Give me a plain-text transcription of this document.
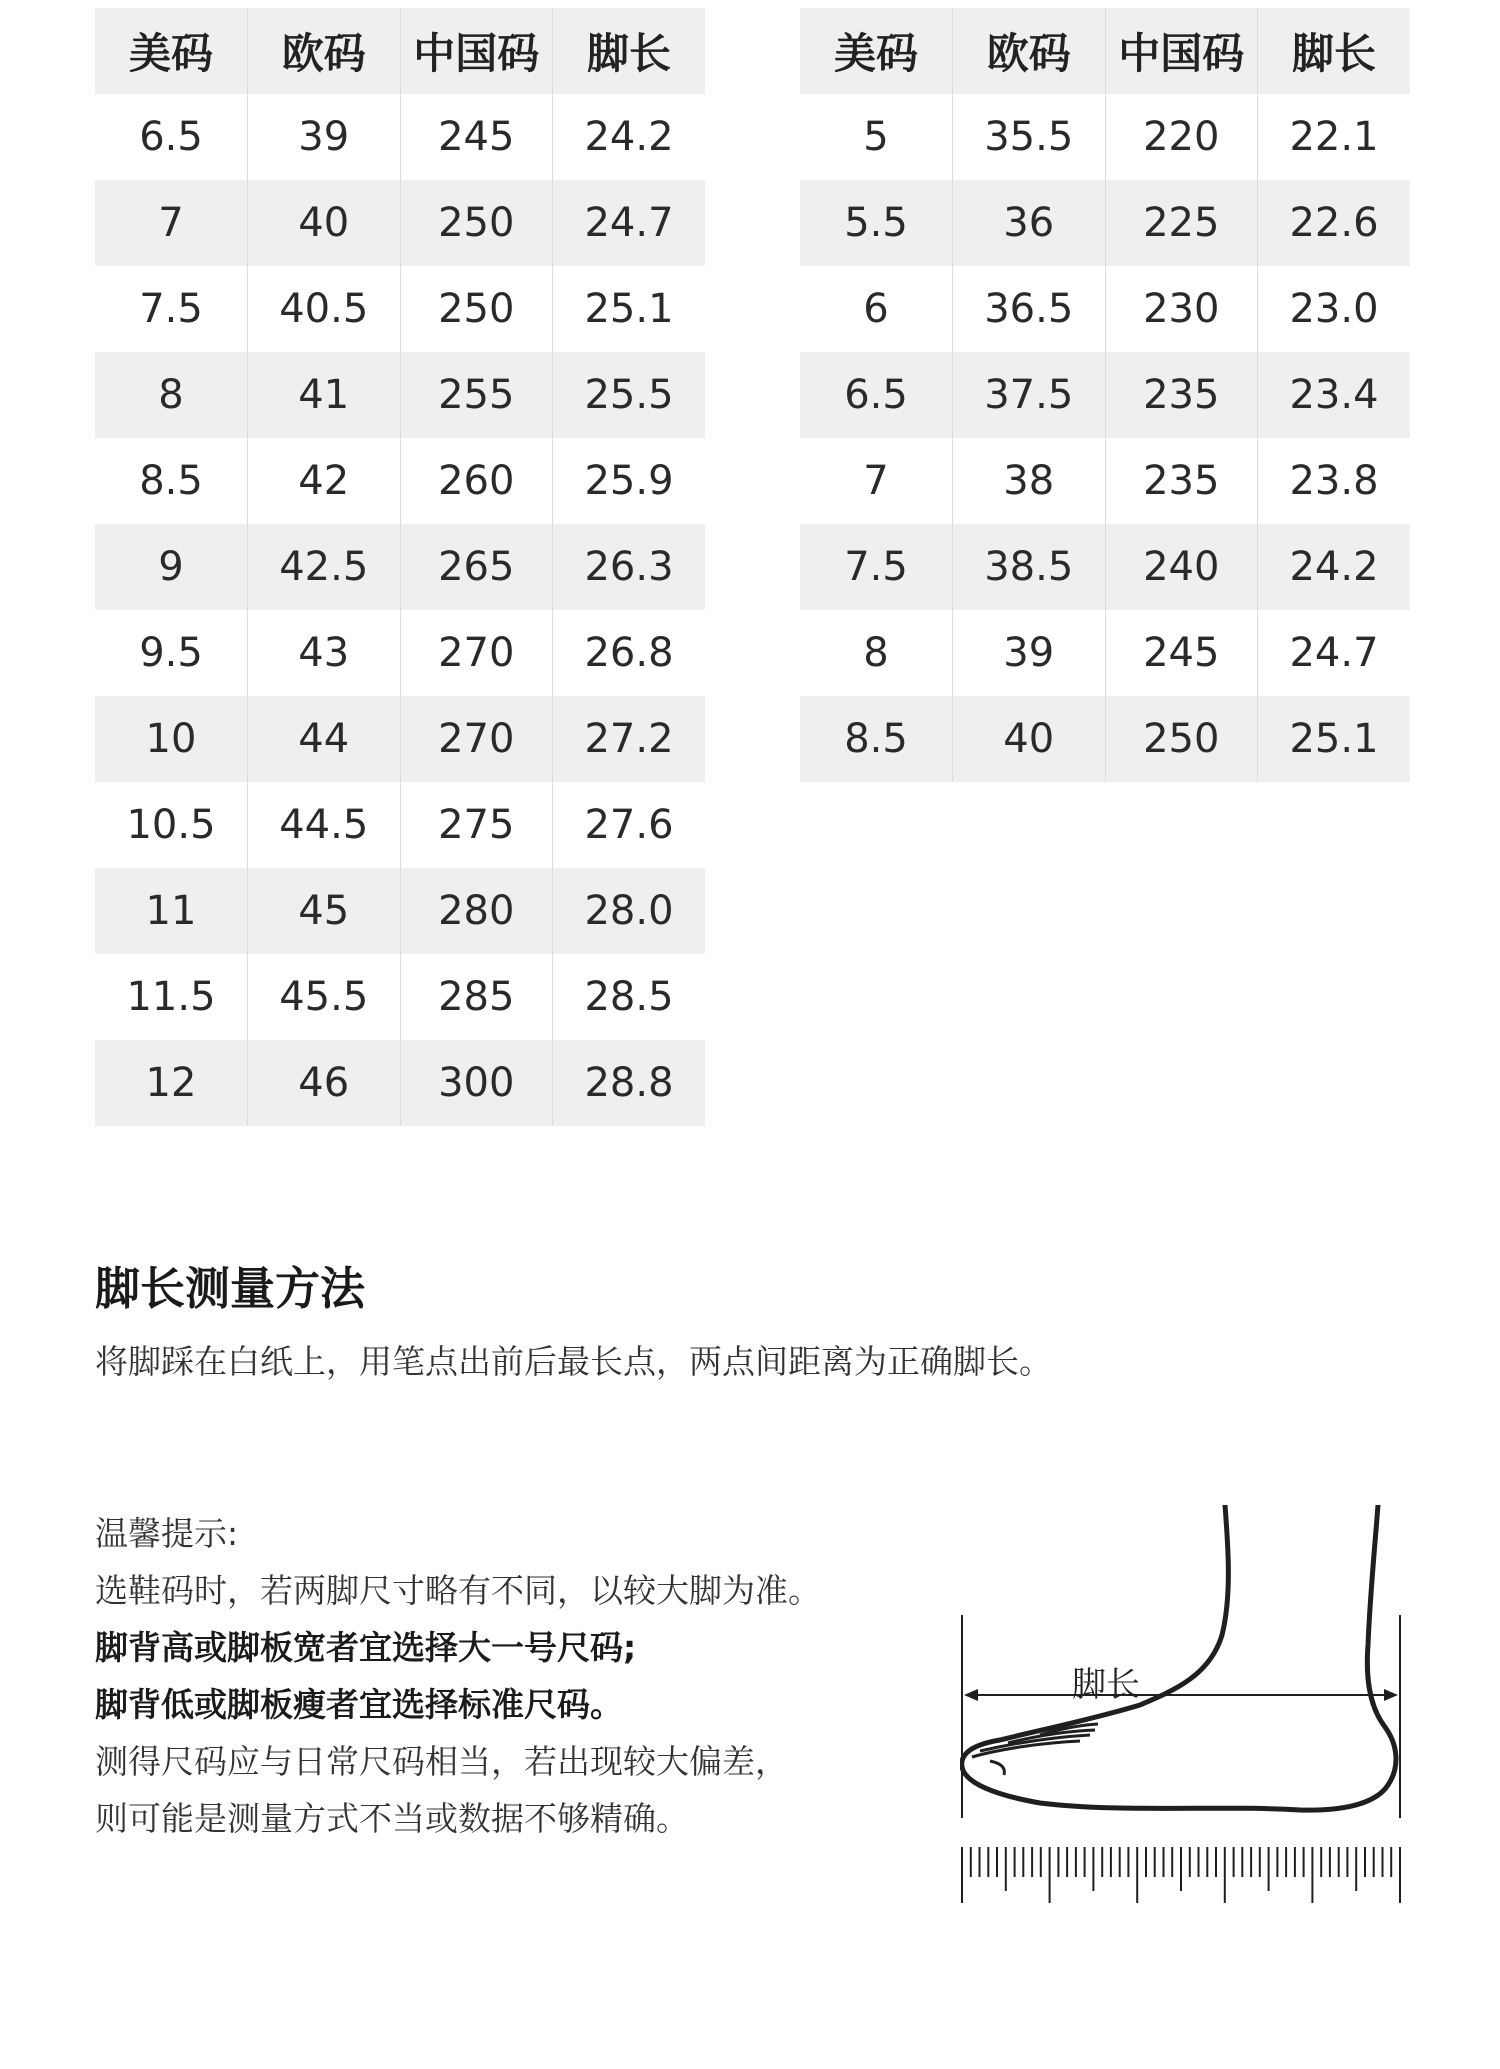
美码	欧码	中国码	脚长
6.5	39	245	24.2
7	40	250	24.7
7.5	40.5	250	25.1
8	41	255	25.5
8.5	42	260	25.9
9	42.5	265	26.3
9.5	43	270	26.8
10	44	270	27.2
10.5	44.5	275	27.6
11	45	280	28.0
11.5	45.5	285	28.5
12	46	300	28.8
美码	欧码	中国码	脚长
5	35.5	220	22.1
5.5	36	225	22.6
6	36.5	230	23.0
6.5	37.5	235	23.4
7	38	235	23.8
7.5	38.5	240	24.2
8	39	245	24.7
8.5	40	250	25.1
脚长测量方法
将脚踩在白纸上，用笔点出前后最长点，两点间距离为正确脚长。
温馨提示:
选鞋码时，若两脚尺寸略有不同，以较大脚为准。
脚背高或脚板宽者宜选择大一号尺码;
脚背低或脚板瘦者宜选择标准尺码。
测得尺码应与日常尺码相当，若出现较大偏差，
则可能是测量方式不当或数据不够精确。
脚长
